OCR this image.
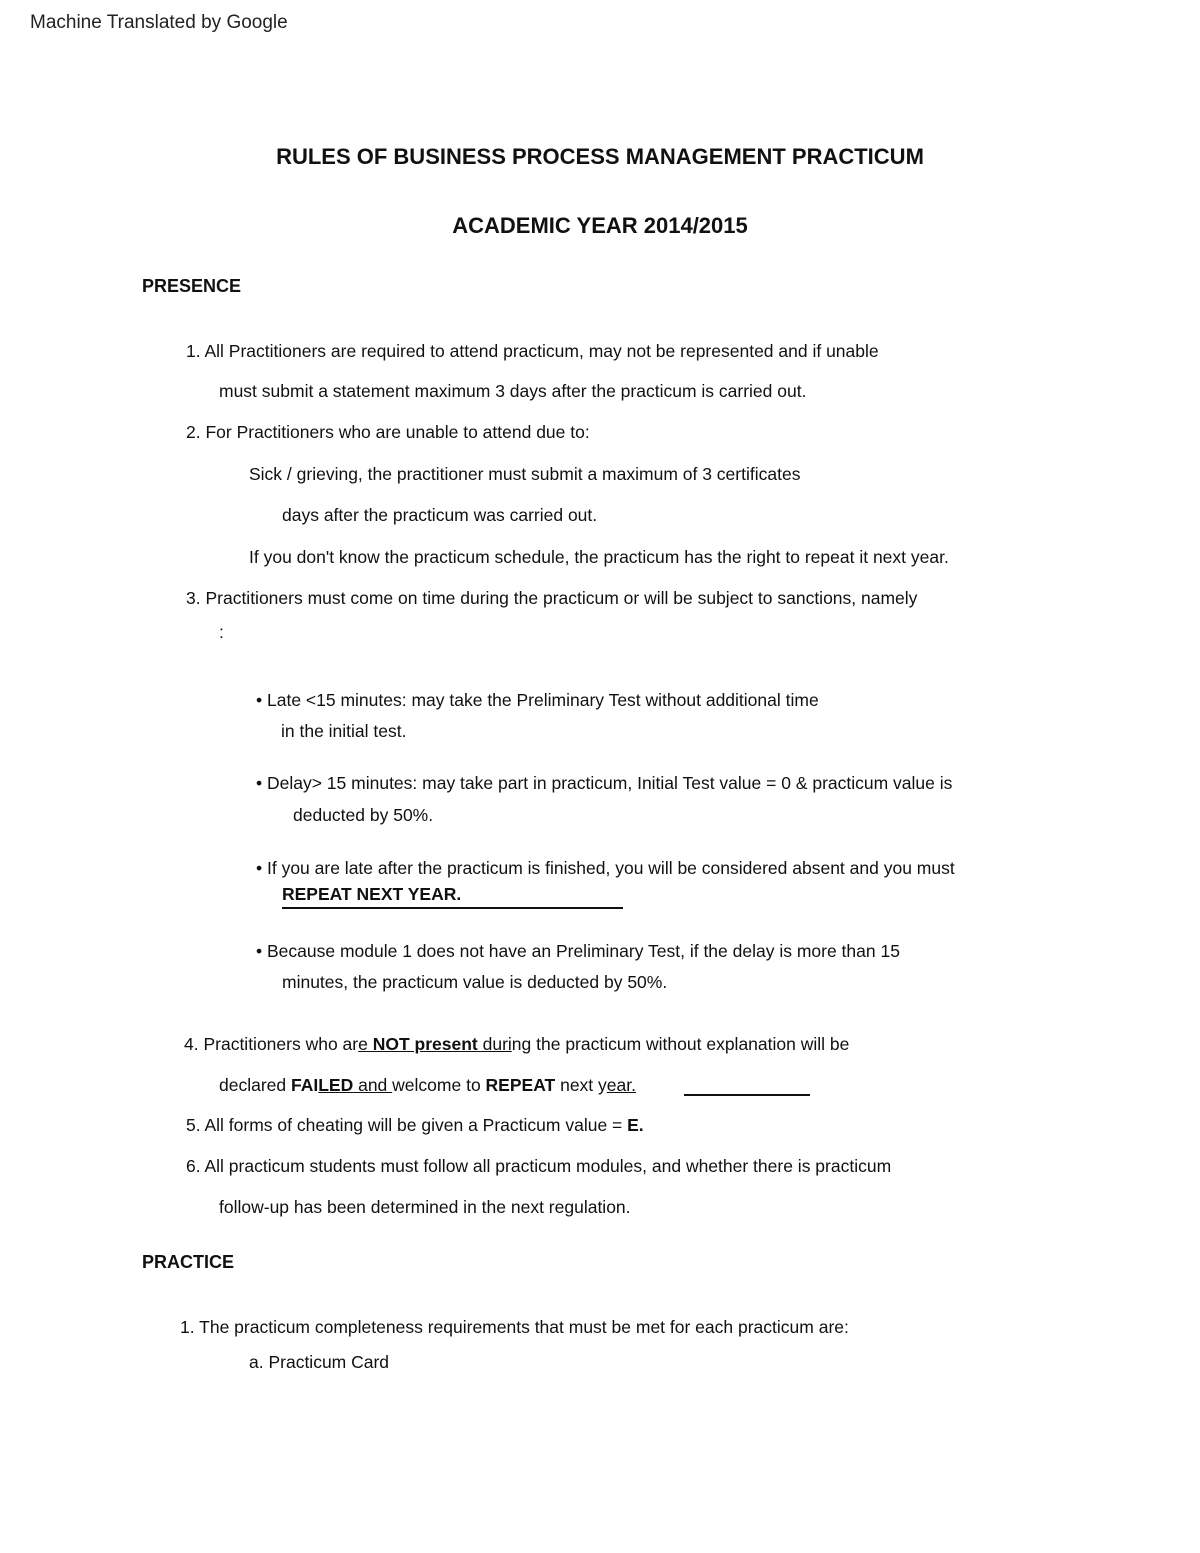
Machine Translated by Google
RULES OF BUSINESS PROCESS MANAGEMENT PRACTICUM
ACADEMIC YEAR 2014/2015
PRESENCE
1. All Practitioners are required to attend practicum, may not be represented and if unable
must submit a statement maximum 3 days after the practicum is carried out.
2. For Practitioners who are unable to attend due to:
Sick / grieving, the practitioner must submit a maximum of 3 certificates
days after the practicum was carried out.
If you don't know the practicum schedule, the practicum has the right to repeat it next year.
3. Practitioners must come on time during the practicum or will be subject to sanctions, namely
:
• Late <15 minutes: may take the Preliminary Test without additional time
in the initial test.
• Delay> 15 minutes: may take part in practicum, Initial Test value = 0 & practicum value is
deducted by 50%.
• If you are late after the practicum is finished, you will be considered absent and you must
REPEAT NEXT YEAR.
• Because module 1 does not have an Preliminary Test, if the delay is more than 15
minutes, the practicum value is deducted by 50%.
4. Practitioners who are NOT present during the practicum without explanation will be
declared FAILED and welcome to REPEAT next year.
5. All forms of cheating will be given a Practicum value = E.
6. All practicum students must follow all practicum modules, and whether there is practicum
follow-up has been determined in the next regulation.
PRACTICE
1. The practicum completeness requirements that must be met for each practicum are:
a. Practicum Card
